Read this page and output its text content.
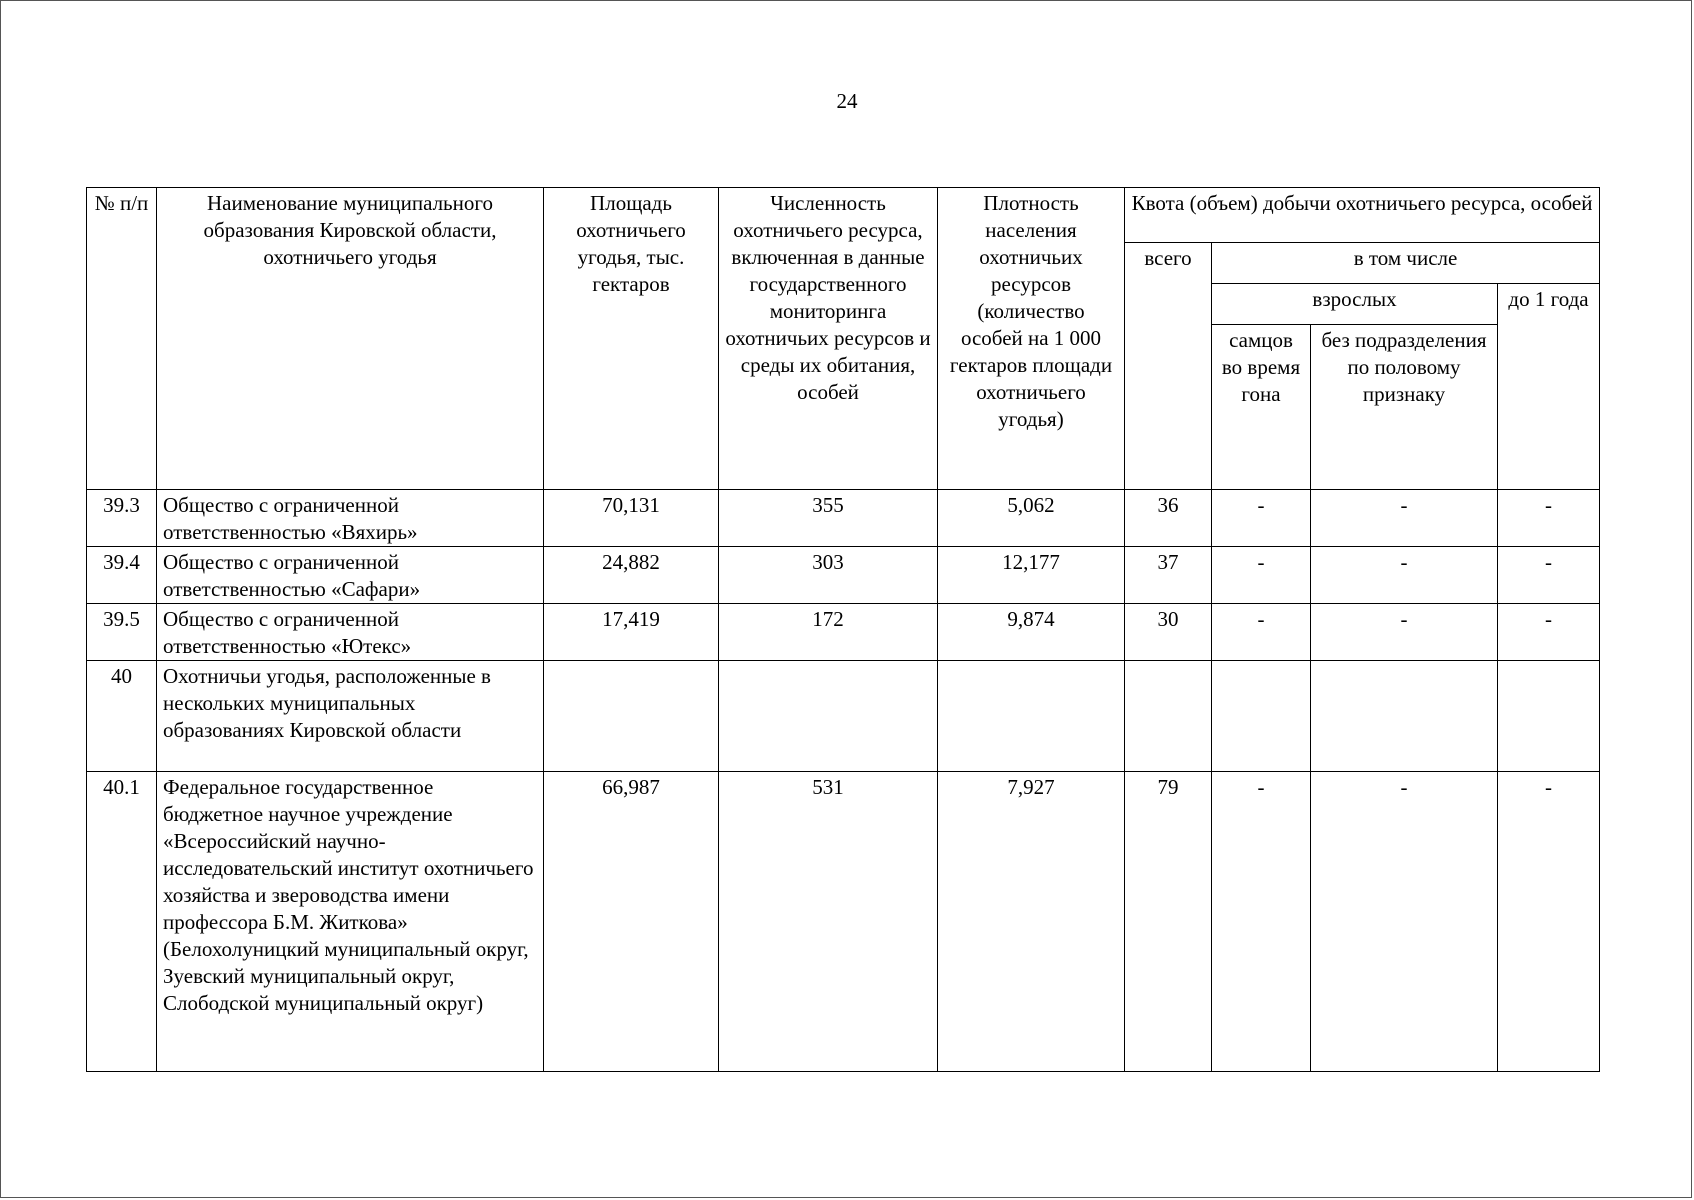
24
№ п/п	Наименование муниципального образования Кировской области, охотничьего угодья	Площадь охотничьего угодья, тыс. гектаров	Численность охотничьего ресурса, включенная в данные государственного мониторинга охотничьих ресурсов и среды их обитания, особей	Плотность населения охотничьих ресурсов (количество особей на 1 000 гектаров площади охотничьего угодья)	Квота (объем) добычи охотничьего ресурса, особей			
					всего	в том числе		
						взрослых		до 1 года
						самцов во время гона	без подразделения по половому признаку	
39.3	Общество с ограниченной ответственностью «Вяхирь»	70,131	355	5,062	36	-	-	-
39.4	Общество с ограниченной ответственностью «Сафари»	24,882	303	12,177	37	-	-	-
39.5	Общество с ограниченной ответственностью «Ютекс»	17,419	172	9,874	30	-	-	-
40	Охотничьи угодья, расположенные в нескольких муниципальных образованиях Кировской области							
40.1	Федеральное государственное бюджетное научное учреждение «Всероссийский научно-исследовательский институт охотничьего хозяйства и звероводства имени профессора Б.М. Житкова» (Белохолуницкий муниципальный округ, Зуевский муниципальный округ, Слободской муниципальный округ)	66,987	531	7,927	79	-	-	-
